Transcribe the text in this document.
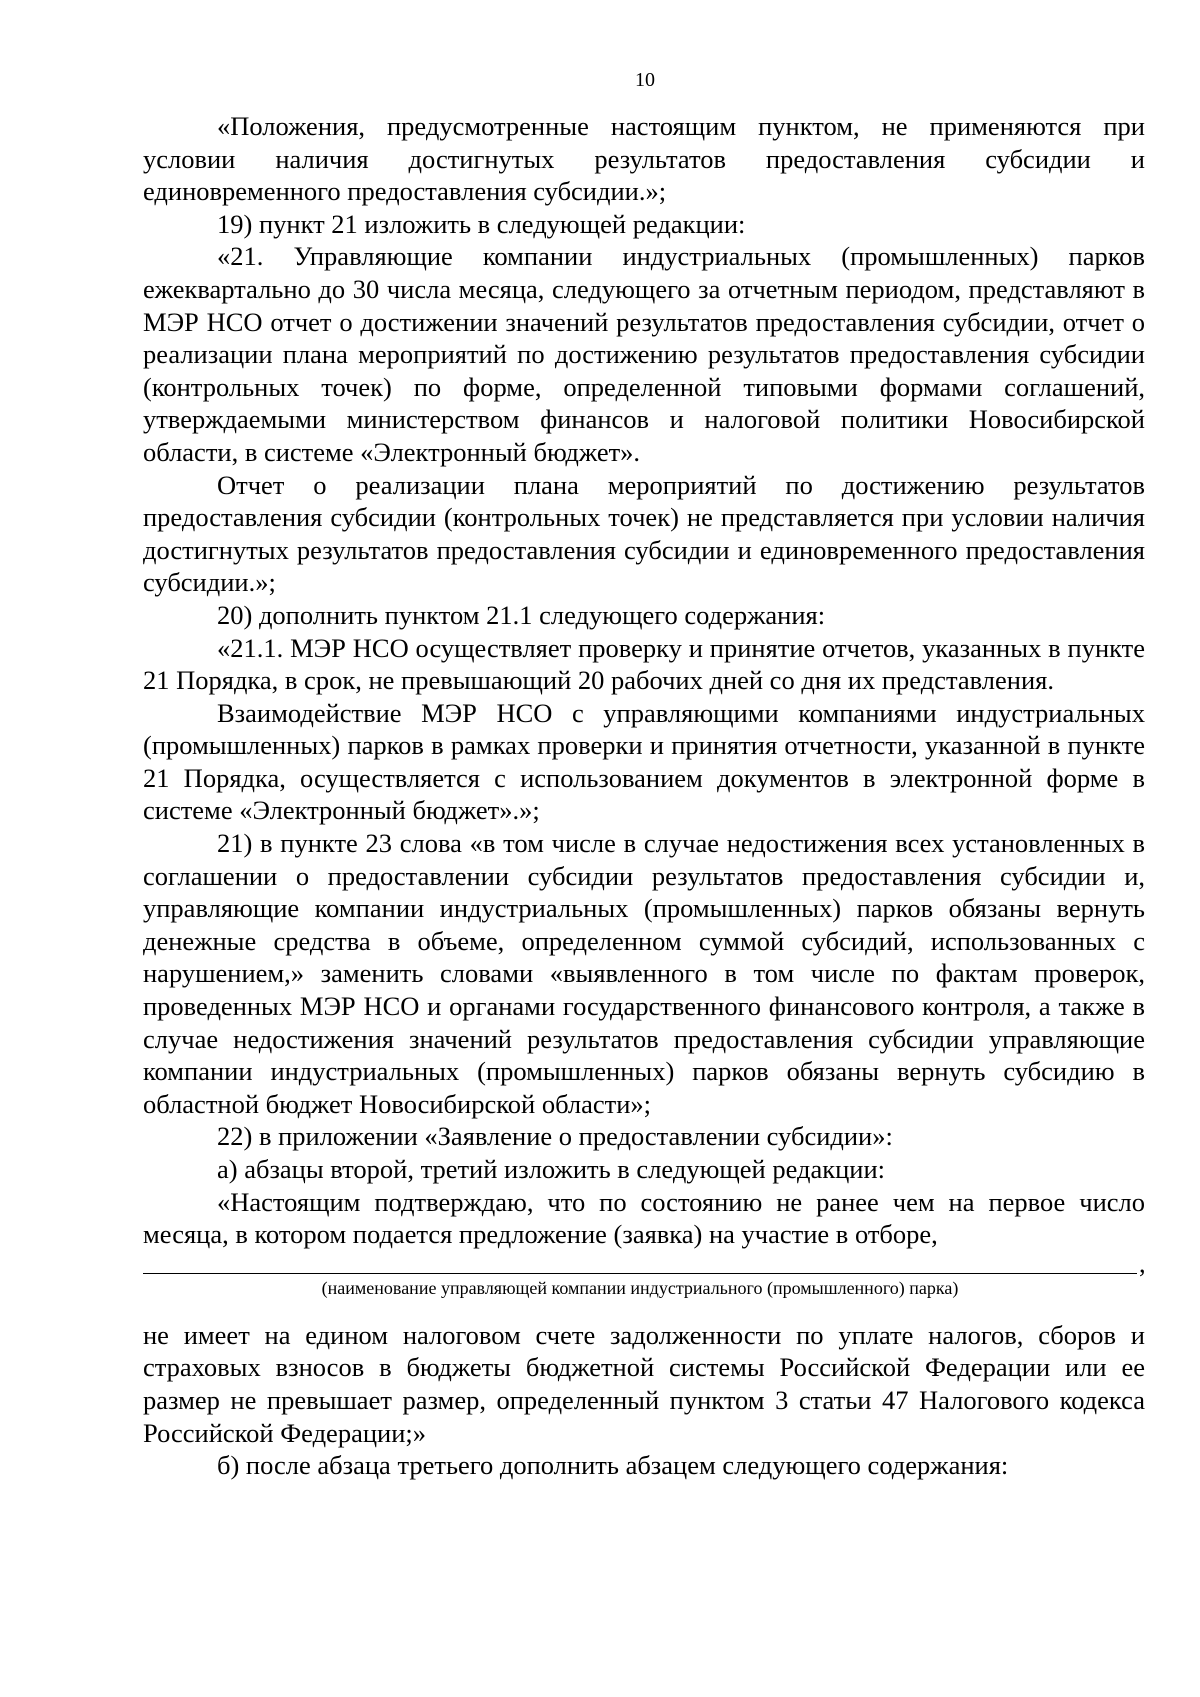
10

«Положения, предусмотренные настоящим пунктом, не применяются при условии наличия достигнутых результатов предоставления субсидии и единовременного предоставления субсидии.»;

19) пункт 21 изложить в следующей редакции:

«21. Управляющие компании индустриальных (промышленных) парков ежеквартально до 30 числа месяца, следующего за отчетным периодом, представляют в МЭР НСО отчет о достижении значений результатов предоставления субсидии, отчет о реализации плана мероприятий по достижению результатов предоставления субсидии (контрольных точек) по форме, определенной типовыми формами соглашений, утверждаемыми министерством финансов и налоговой политики Новосибирской области, в системе «Электронный бюджет».

Отчет о реализации плана мероприятий по достижению результатов предоставления субсидии (контрольных точек) не представляется при условии наличия достигнутых результатов предоставления субсидии и единовременного предоставления субсидии.»;

20) дополнить пунктом 21.1 следующего содержания:

«21.1. МЭР НСО осуществляет проверку и принятие отчетов, указанных в пункте 21 Порядка, в срок, не превышающий 20 рабочих дней со дня их представления.

Взаимодействие МЭР НСО с управляющими компаниями индустриальных (промышленных) парков в рамках проверки и принятия отчетности, указанной в пункте 21 Порядка, осуществляется с использованием документов в электронной форме в системе «Электронный бюджет».»;

21) в пункте 23 слова «в том числе в случае недостижения всех установленных в соглашении о предоставлении субсидии результатов предоставления субсидии и, управляющие компании индустриальных (промышленных) парков обязаны вернуть денежные средства в объеме, определенном суммой субсидий, использованных с нарушением,» заменить словами «выявленного в том числе по фактам проверок, проведенных МЭР НСО и органами государственного финансового контроля, а также в случае недостижения значений результатов предоставления субсидии управляющие компании индустриальных (промышленных) парков обязаны вернуть субсидию в областной бюджет Новосибирской области»;

22) в приложении «Заявление о предоставлении субсидии»:

а) абзацы второй, третий изложить в следующей редакции:

«Настоящим подтверждаю, что по состоянию не ранее чем на первое число месяца, в котором подается предложение (заявка) на участие в отборе,

,
(наименование управляющей компании индустриального (промышленного) парка)

не имеет на едином налоговом счете задолженности по уплате налогов, сборов и страховых взносов в бюджеты бюджетной системы Российской Федерации или ее размер не превышает размер, определенный пунктом 3 статьи 47 Налогового кодекса Российской Федерации;»

б) после абзаца третьего дополнить абзацем следующего содержания:
